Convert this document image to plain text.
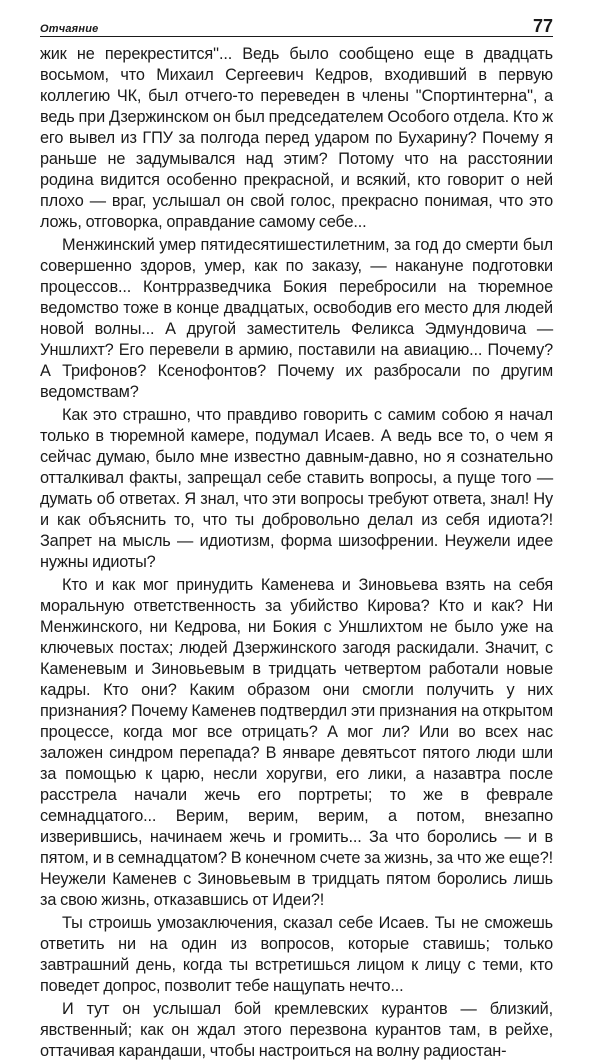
Отчаяние	77

жик не перекрестится''... Ведь было сообщено еще в двадцать восьмом, что Михаил Сергеевич Кедров, входивший в первую коллегию ЧК, был отчего-то переведен в члены ''Спортинтерна'', а ведь при Дзержинском он был председателем Особого отдела. Кто ж его вывел из ГПУ за полгода перед ударом по Бухарину? Почему я раньше не задумывался над этим? Потому что на расстоянии родина видится особенно прекрасной, и всякий, кто говорит о ней плохо — враг, услышал он свой голос, прекрасно понимая, что это ложь, отговорка, оправдание самому себе...

Менжинский умер пятидесятишестилетним, за год до смерти был совершенно здоров, умер, как по заказу, — накануне подготовки процессов... Контрразведчика Бокия перебросили на тюремное ведомство тоже в конце двадцатых, освободив его место для людей новой волны... А другой заместитель Феликса Эдмундовича — Уншлихт? Его перевели в армию, поставили на авиацию... Почему? А Трифонов? Ксенофонтов? Почему их разбросали по другим ведомствам?

Как это страшно, что правдиво говорить с самим собою я начал только в тюремной камере, подумал Исаев. А ведь все то, о чем я сейчас думаю, было мне известно давным-давно, но я сознательно отталкивал факты, запрещал себе ставить вопросы, а пуще того — думать об ответах. Я знал, что эти вопросы требуют ответа, знал! Ну и как объяснить то, что ты добровольно делал из себя идиота?! Запрет на мысль — идиотизм, форма шизофрении. Неужели идее нужны идиоты?

Кто и как мог принудить Каменева и Зиновьева взять на себя моральную ответственность за убийство Кирова? Кто и как? Ни Менжинского, ни Кедрова, ни Бокия с Уншлихтом не было уже на ключевых постах; людей Дзержинского загодя раскидали. Значит, с Каменевым и Зиновьевым в тридцать четвертом работали новые кадры. Кто они? Каким образом они смогли получить у них признания? Почему Каменев подтвердил эти признания на открытом процессе, когда мог все отрицать? А мог ли? Или во всех нас заложен синдром перепада? В январе девятьсот пятого люди шли за помощью к царю, несли хоругви, его лики, а назавтра после расстрела начали жечь его портреты; то же в феврале семнадцатого... Верим, верим, верим, а потом, внезапно изверившись, начинаем жечь и громить... За что боролись — и в пятом, и в семнадцатом? В конечном счете за жизнь, за что же еще?! Неужели Каменев с Зиновьевым в тридцать пятом боролись лишь за свою жизнь, отказавшись от Идеи?!

Ты строишь умозаключения, сказал себе Исаев. Ты не сможешь ответить ни на один из вопросов, которые ставишь; только завтрашний день, когда ты встретишься лицом к лицу с теми, кто поведет допрос, позволит тебе нащупать нечто...

И тут он услышал бой кремлевских курантов — близкий, явственный; как он ждал этого перезвона курантов там, в рейхе, оттачивая карандаши, чтобы настроиться на волну радиостан-
